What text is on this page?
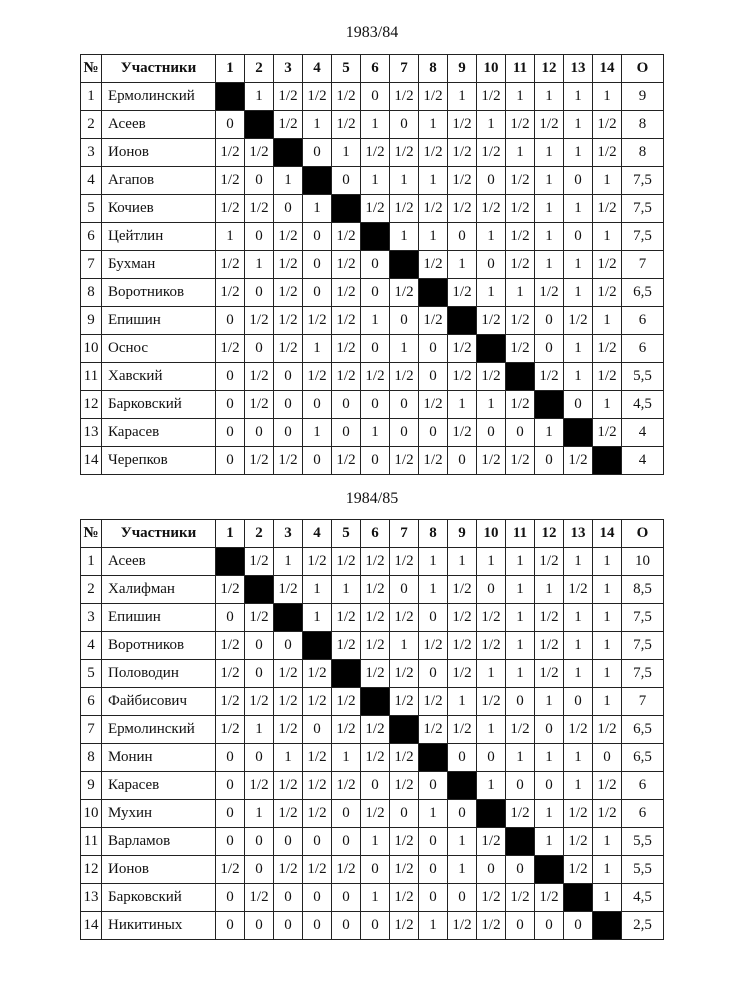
1983/84
№	Участники	1	2	3	4	5	6	7	8	9	10	11	12	13	14	О
1	Ермолинский		1	1/2	1/2	1/2	0	1/2	1/2	1	1/2	1	1	1	1	9
2	Асеев	0		1/2	1	1/2	1	0	1	1/2	1	1/2	1/2	1	1/2	8
3	Ионов	1/2	1/2		0	1	1/2	1/2	1/2	1/2	1/2	1	1	1	1/2	8
4	Агапов	1/2	0	1		0	1	1	1	1/2	0	1/2	1	0	1	7,5
5	Кочиев	1/2	1/2	0	1		1/2	1/2	1/2	1/2	1/2	1/2	1	1	1/2	7,5
6	Цейтлин	1	0	1/2	0	1/2		1	1	0	1	1/2	1	0	1	7,5
7	Бухман	1/2	1	1/2	0	1/2	0		1/2	1	0	1/2	1	1	1/2	7
8	Воротников	1/2	0	1/2	0	1/2	0	1/2		1/2	1	1	1/2	1	1/2	6,5
9	Епишин	0	1/2	1/2	1/2	1/2	1	0	1/2		1/2	1/2	0	1/2	1	6
10	Оснос	1/2	0	1/2	1	1/2	0	1	0	1/2		1/2	0	1	1/2	6
11	Хавский	0	1/2	0	1/2	1/2	1/2	1/2	0	1/2	1/2		1/2	1	1/2	5,5
12	Барковский	0	1/2	0	0	0	0	0	1/2	1	1	1/2		0	1	4,5
13	Карасев	0	0	0	1	0	1	0	0	1/2	0	0	1		1/2	4
14	Черепков	0	1/2	1/2	0	1/2	0	1/2	1/2	0	1/2	1/2	0	1/2		4
1984/85
№	Участники	1	2	3	4	5	6	7	8	9	10	11	12	13	14	О
1	Асеев		1/2	1	1/2	1/2	1/2	1/2	1	1	1	1	1/2	1	1	10
2	Халифман	1/2		1/2	1	1	1/2	0	1	1/2	0	1	1	1/2	1	8,5
3	Епишин	0	1/2		1	1/2	1/2	1/2	0	1/2	1/2	1	1/2	1	1	7,5
4	Воротников	1/2	0	0		1/2	1/2	1	1/2	1/2	1/2	1	1/2	1	1	7,5
5	Половодин	1/2	0	1/2	1/2		1/2	1/2	0	1/2	1	1	1/2	1	1	7,5
6	Файбисович	1/2	1/2	1/2	1/2	1/2		1/2	1/2	1	1/2	0	1	0	1	7
7	Ермолинский	1/2	1	1/2	0	1/2	1/2		1/2	1/2	1	1/2	0	1/2	1/2	6,5
8	Монин	0	0	1	1/2	1	1/2	1/2		0	0	1	1	1	0	6,5
9	Карасев	0	1/2	1/2	1/2	1/2	0	1/2	0		1	0	0	1	1/2	6
10	Мухин	0	1	1/2	1/2	0	1/2	0	1	0		1/2	1	1/2	1/2	6
11	Варламов	0	0	0	0	0	1	1/2	0	1	1/2		1	1/2	1	5,5
12	Ионов	1/2	0	1/2	1/2	1/2	0	1/2	0	1	0	0		1/2	1	5,5
13	Барковский	0	1/2	0	0	0	1	1/2	0	0	1/2	1/2	1/2		1	4,5
14	Никитиных	0	0	0	0	0	0	1/2	1	1/2	1/2	0	0	0		2,5
